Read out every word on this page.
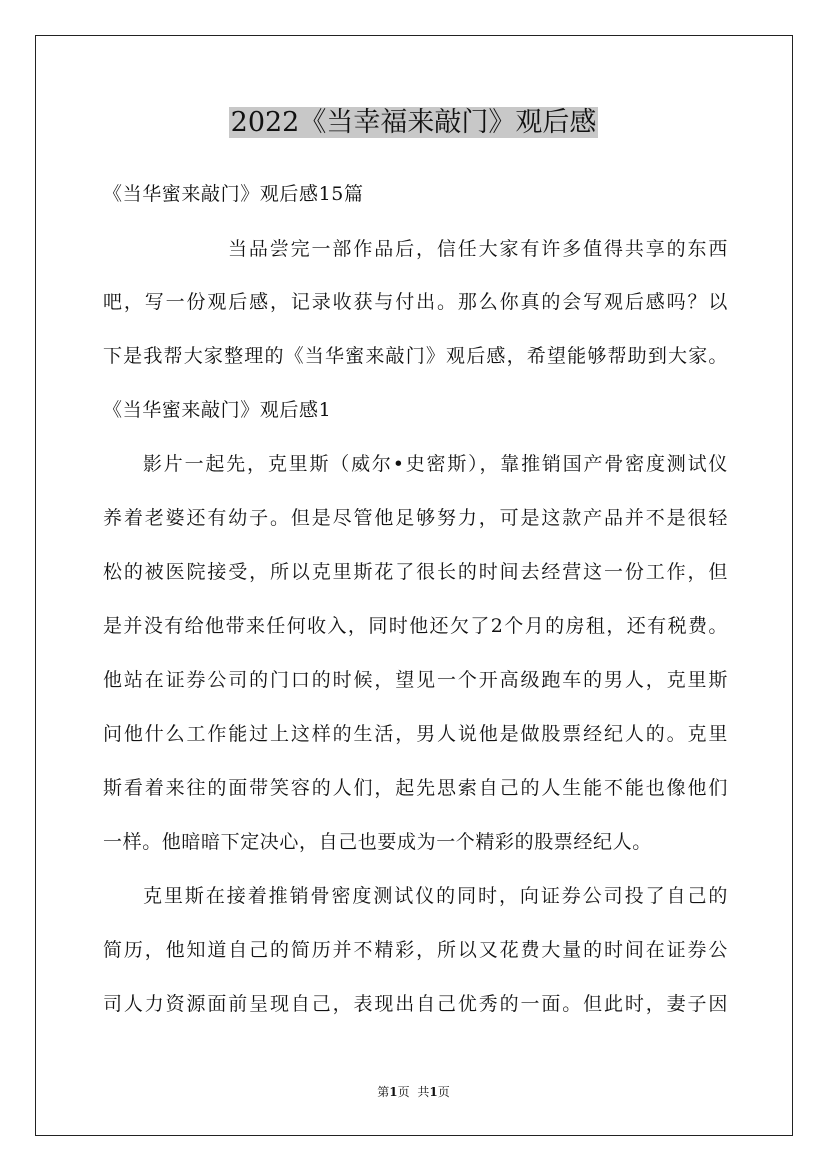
2022《当幸福来敲门》观后感
《当华蜜来敲门》观后感15篇
当品尝完一部作品后，信任大家有许多值得共享的东西
吧，写一份观后感，记录收获与付出。那么你真的会写观后感吗？以
下是我帮大家整理的《当华蜜来敲门》观后感，希望能够帮助到大家。
《当华蜜来敲门》观后感1
影片一起先，克里斯（威尔•史密斯），靠推销国产骨密度测试仪
养着老婆还有幼子。但是尽管他足够努力，可是这款产品并不是很轻
松的被医院接受，所以克里斯花了很长的时间去经营这一份工作，但
是并没有给他带来任何收入，同时他还欠了2个月的房租，还有税费。
他站在证券公司的门口的时候，望见一个开高级跑车的男人，克里斯
问他什么工作能过上这样的生活，男人说他是做股票经纪人的。克里
斯看着来往的面带笑容的人们，起先思索自己的人生能不能也像他们
一样。他暗暗下定决心，自己也要成为一个精彩的股票经纪人。
克里斯在接着推销骨密度测试仪的同时，向证券公司投了自己的
简历，他知道自己的简历并不精彩，所以又花费大量的时间在证券公
司人力资源面前呈现自己，表现出自己优秀的一面。但此时，妻子因
第1页 共1页
